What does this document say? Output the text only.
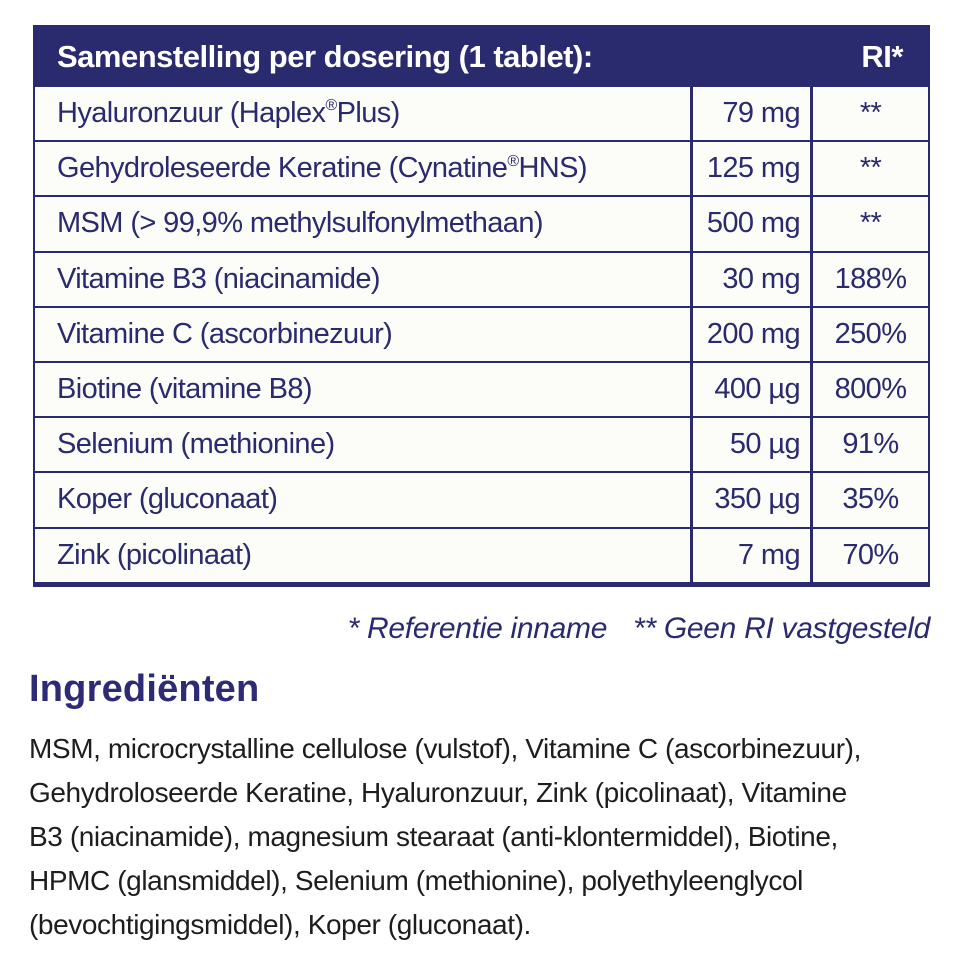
Samenstelling per dosering (1 tablet):	RI*
Hyaluronzuur (Haplex® Plus)	79 mg	**
Gehydroleseerde Keratine (Cynatine® HNS)	125 mg	**
MSM (> 99,9% methylsulfonylmethaan)	500 mg	**
Vitamine B3 (niacinamide)	30 mg	188%
Vitamine C (ascorbinezuur)	200 mg	250%
Biotine (vitamine B8)	400 µg	800%
Selenium (methionine)	50 µg	91%
Koper (gluconaat)	350 µg	35%
Zink (picolinaat)	7 mg	70%
* Referentie inname ** Geen RI vastgesteld
Ingrediënten
MSM, microcrystalline cellulose (vulstof), Vitamine C (ascorbinezuur),
Gehydroloseerde Keratine, Hyaluronzuur, Zink (picolinaat), Vitamine
B3 (niacinamide), magnesium stearaat (anti-klontermiddel), Biotine,
HPMC (glansmiddel), Selenium (methionine), polyethyleenglycol
(bevochtigingsmiddel), Koper (gluconaat).
